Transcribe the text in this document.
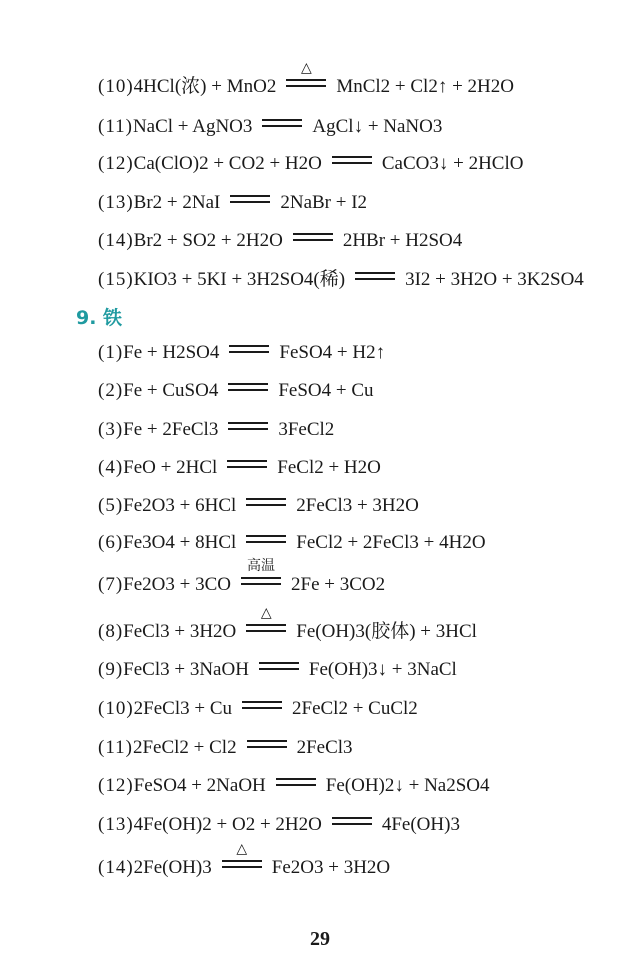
(10) 4HCl(浓) + MnO2
△
MnCl2 + Cl2↑ + 2H2O
(11) NaCl + AgNO3	AgCl↓ + NaNO3
(12) Ca(ClO)2 + CO2 + H2O	CaCO3↓ + 2HClO
(13) Br2 + 2NaI	2NaBr + I2
(14) Br2 + SO2 + 2H2O	2HBr + H2SO4
(15) KIO3 + 5KI + 3H2SO4(稀)	3I2 + 3H2O + 3K2SO4
9. 铁
(1) Fe + H2SO4	FeSO4 + H2↑
(2) Fe + CuSO4	FeSO4 + Cu
(3) Fe + 2FeCl3	3FeCl2
(4) FeO + 2HCl	FeCl2 + H2O
(5) Fe2O3 + 6HCl	2FeCl3 + 3H2O
(6) Fe3O4 + 8HCl	FeCl2 + 2FeCl3 + 4H2O
(7) Fe2O3 + 3CO
高温
2Fe + 3CO2
(8) FeCl3 + 3H2O
△
Fe(OH)3(胶体) + 3HCl
(9) FeCl3 + 3NaOH	Fe(OH)3↓ + 3NaCl
(10) 2FeCl3 + Cu	2FeCl2 + CuCl2
(11) 2FeCl2 + Cl2	2FeCl3
(12) FeSO4 + 2NaOH	Fe(OH)2↓ + Na2SO4
(13) 4Fe(OH)2 + O2 + 2H2O	4Fe(OH)3
(14) 2Fe(OH)3
△
Fe2O3 + 3H2O
29
